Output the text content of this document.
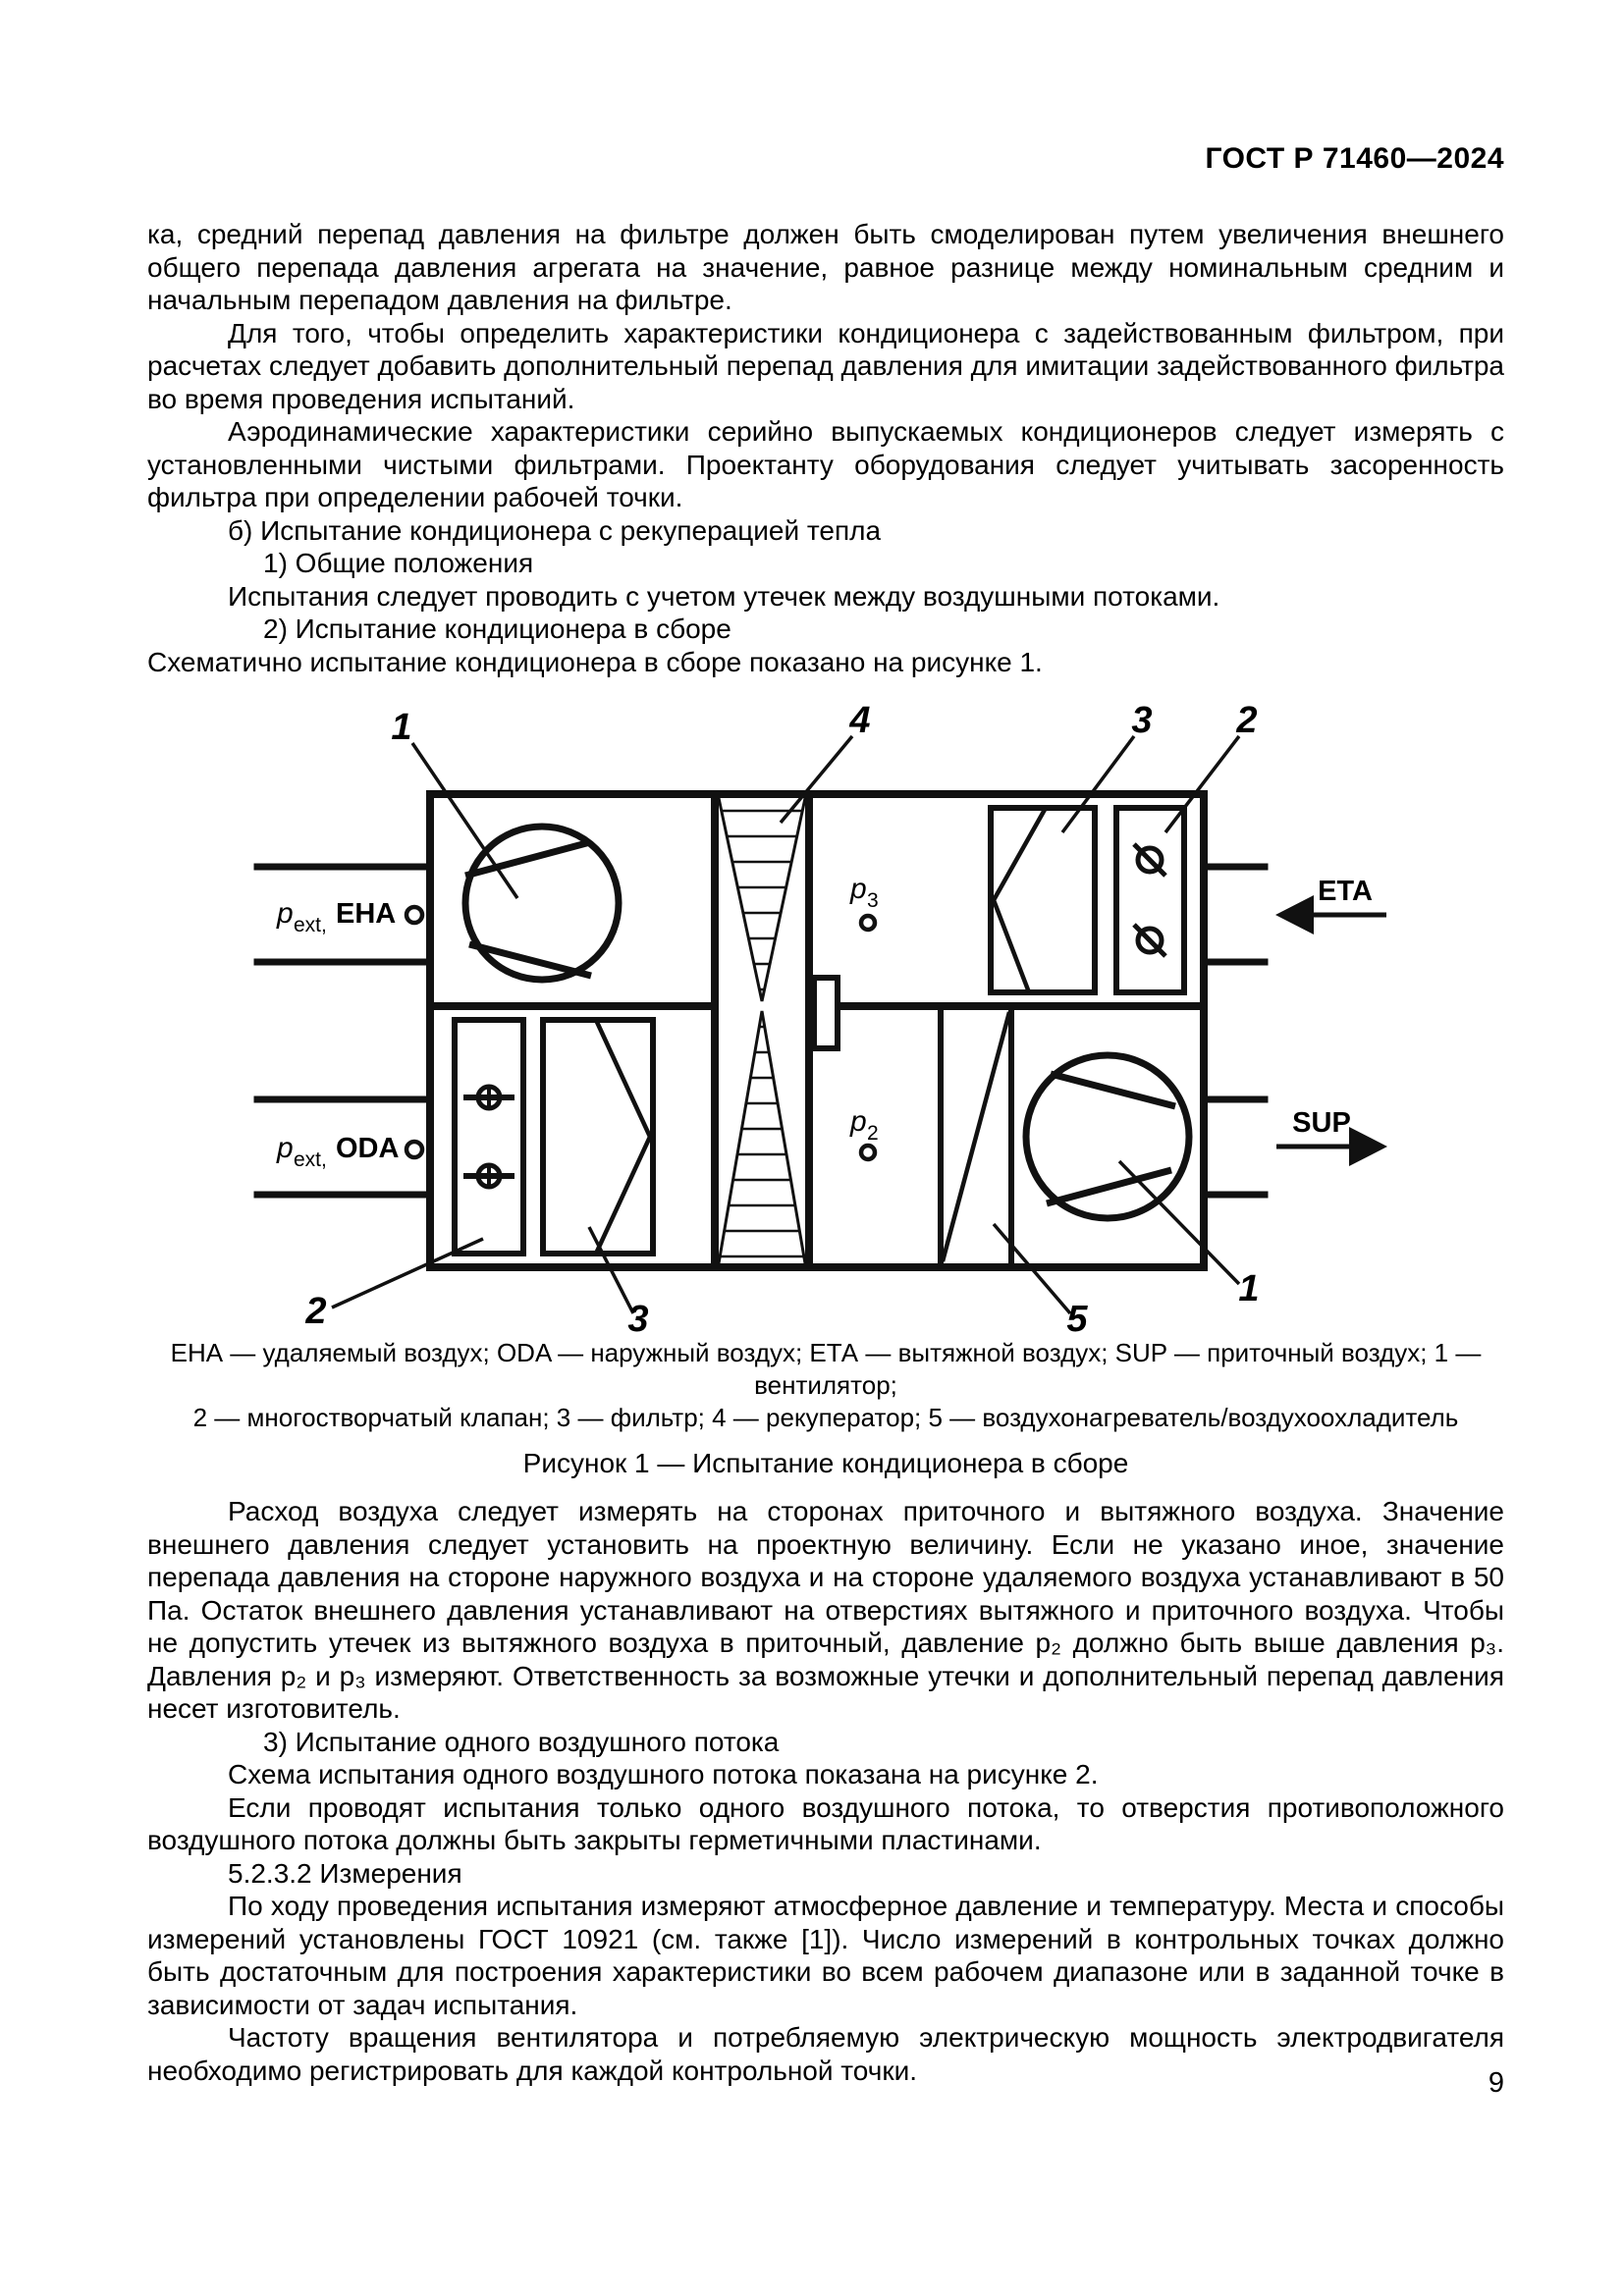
ГОСТ Р 71460—2024

ка, средний перепад давления на фильтре должен быть смоделирован путем увеличения внешнего общего перепада давления агрегата на значение, равное разнице между номинальным средним и начальным перепадом давления на фильтре.

Для того, чтобы определить характеристики кондиционера с задействованным фильтром, при расчетах следует добавить дополнительный перепад давления для имитации задействованного фильтра во время проведения испытаний.

Аэродинамические характеристики серийно выпускаемых кондиционеров следует измерять с установленными чистыми фильтрами. Проектанту оборудования следует учитывать засоренность фильтра при определении рабочей точки.

б) Испытание кондиционера с рекуперацией тепла

1) Общие положения

Испытания следует проводить с учетом утечек между воздушными потоками.

2) Испытание кондиционера в сборе

Схематично испытание кондиционера в сборе показано на рисунке 1.

1	4	3 2
2	3	5
1
p ext, EHA
p ext, ODA
p 3
p 2
ETA
SUP
ЕНА — удаляемый воздух; ODA — наружный воздух; ЕТА — вытяжной воздух; SUP — приточный воздух; 1 — вентилятор;
2 — многостворчатый клапан; 3 — фильтр; 4 — рекуператор; 5 — воздухонагреватель/воздухоохладитель
Рисунок 1 — Испытание кондиционера в сборе

Расход воздуха следует измерять на сторонах приточного и вытяжного воздуха. Значение внешнего давления следует установить на проектную величину. Если не указано иное, значение перепада давления на стороне наружного воздуха и на стороне удаляемого воздуха устанавливают в 50 Па. Остаток внешнего давления устанавливают на отверстиях вытяжного и приточного воздуха. Чтобы не допустить утечек из вытяжного воздуха в приточный, давление p₂ должно быть выше давления p₃. Давления p₂ и p₃ измеряют. Ответственность за возможные утечки и дополнительный перепад давления несет изготовитель.

3) Испытание одного воздушного потока

Схема испытания одного воздушного потока показана на рисунке 2.

Если проводят испытания только одного воздушного потока, то отверстия противоположного воздушного потока должны быть закрыты герметичными пластинами.

5.2.3.2 Измерения

По ходу проведения испытания измеряют атмосферное давление и температуру. Места и способы измерений установлены ГОСТ 10921 (см. также [1]). Число измерений в контрольных точках должно быть достаточным для построения характеристики во всем рабочем диапазоне или в заданной точке в зависимости от задач испытания.

Частоту вращения вентилятора и потребляемую электрическую мощность электродвигателя необходимо регистрировать для каждой контрольной точки.	9
